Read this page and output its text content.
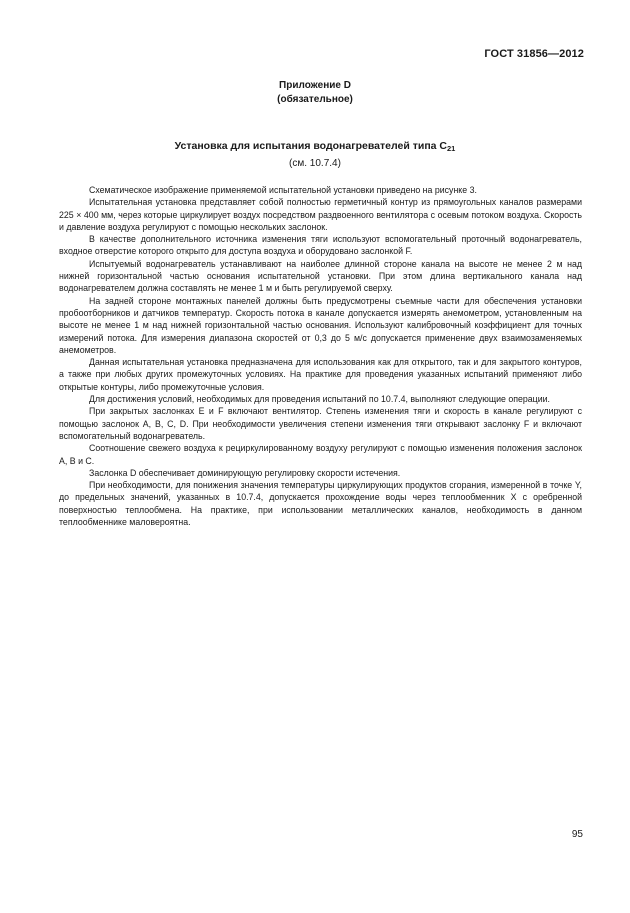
ГОСТ 31856—2012
Приложение D
(обязательное)
Установка для испытания водонагревателей типа $C_{21}$
(см. 10.7.4)

Схематическое изображение применяемой испытательной установки приведено на рисунке 3.

Испытательная установка представляет собой полностью герметичный контур из прямоугольных каналов размерами 225 × 400 мм, через которые циркулирует воздух посредством раздвоенного вентилятора с осевым потоком воздуха. Скорость и давление воздуха регулируют с помощью нескольких заслонок.

В качестве дополнительного источника изменения тяги используют вспомогательный проточный водонагреватель, входное отверстие которого открыто для доступа воздуха и оборудовано заслонкой F.

Испытуемый водонагреватель устанавливают на наиболее длинной стороне канала на высоте не менее 2 м над нижней горизонтальной частью основания испытательной установки. При этом длина вертикального канала над водонагревателем должна составлять не менее 1 м и быть регулируемой сверху.

На задней стороне монтажных панелей должны быть предусмотрены съемные части для обеспечения установки пробоотборников и датчиков температур. Скорость потока в канале допускается измерять анемометром, установленным на высоте не менее 1 м над нижней горизонтальной частью основания. Используют калибровочный коэффициент для точных измерений потока. Для измерения диапазона скоростей от 0,3 до 5 м/с допускается применение двух взаимозаменяемых анемометров.

Данная испытательная установка предназначена для использования как для открытого, так и для закрытого контуров, а также при любых других промежуточных условиях. На практике для проведения указанных испытаний применяют либо открытые контуры, либо промежуточные условия.

Для достижения условий, необходимых для проведения испытаний по 10.7.4, выполняют следующие операции.

При закрытых заслонках E и F включают вентилятор. Степень изменения тяги и скорость в канале регулируют с помощью заслонок A, B, C, D. При необходимости увеличения степени изменения тяги открывают заслонку F и включают вспомогательный водонагреватель.

Соотношение свежего воздуха к рециркулированному воздуху регулируют с помощью изменения положения заслонок A, B и C.

Заслонка D обеспечивает доминирующую регулировку скорости истечения.

При необходимости, для понижения значения температуры циркулирующих продуктов сгорания, измеренной в точке Y, до предельных значений, указанных в 10.7.4, допускается прохождение воды через теплообменник X с оребренной поверхностью теплообмена. На практике, при использовании металлических каналов, необходимость в данном теплообменнике маловероятна.

95
